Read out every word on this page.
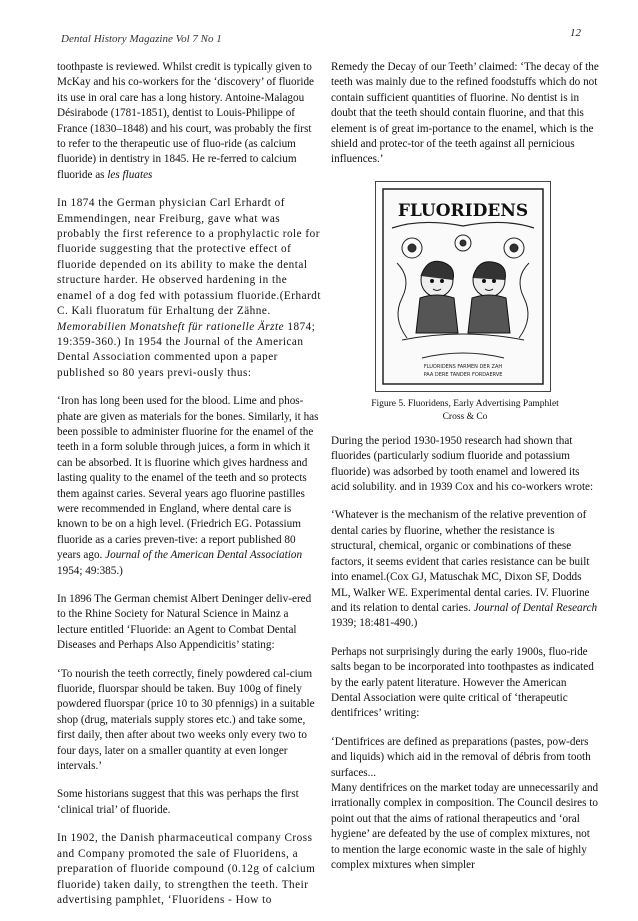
Dental History Magazine Vol 7 No 1	12

toothpaste is reviewed. Whilst credit is typically given to McKay and his co-workers for the ‘discovery’ of fluoride its use in oral care has a long history. Antoine-Malagou Désirabode (1781-1851), dentist to Louis-Philippe of France (1830–1848) and his court, was probably the first to refer to the therapeutic use of fluo-ride (as calcium fluoride) in dentistry in 1845. He re-ferred to calcium fluoride as les fluates

In 1874 the German physician Carl Erhardt of Emmendingen, near Freiburg, gave what was probably the first reference to a prophylactic role for fluoride suggesting that the protective effect of fluoride depended on its ability to make the dental structure harder. He observed hardening in the enamel of a dog fed with potassium fluoride.(Erhardt C. Kali fluoratum für Erhaltung der Zähne. Memorabilien Monatsheft für rationelle Ärzte 1874; 19:359-360.) In 1954 the Journal of the American Dental Association commented upon a paper published so 80 years previ-ously thus:

‘Iron has long been used for the blood. Lime and phos-phate are given as materials for the bones. Similarly, it has been possible to administer fluorine for the enamel of the teeth in a form soluble through juices, a form in which it can be absorbed. It is fluorine which gives hardness and lasting quality to the enamel of the teeth and so protects them against caries. Several years ago fluorine pastilles were recommended in England, where dental care is known to be on a high level. (Friedrich EG. Potassium fluoride as a caries preven-tive: a report published 80 years ago. Journal of the American Dental Association 1954; 49:385.)

In 1896 The German chemist Albert Deninger deliv-ered to the Rhine Society for Natural Science in Mainz a lecture entitled ‘Fluoride: an Agent to Combat Dental Diseases and Perhaps Also Appendicitis’ stating:

‘To nourish the teeth correctly, finely powdered cal-cium fluoride, fluorspar should be taken. Buy 100g of finely powdered fluorspar (price 10 to 30 pfennigs) in a suitable shop (drug, materials supply stores etc.) and take some, first daily, then after about two weeks only every two to four days, later on a smaller quantity at even longer intervals.’

Some historians suggest that this was perhaps the first ‘clinical trial’ of fluoride.

In 1902, the Danish pharmaceutical company Cross and Company promoted the sale of Fluoridens, a preparation of fluoride compound (0.12g of calcium fluoride) taken daily, to strengthen the teeth. Their advertising pamphlet, ‘Fluoridens - How to

Remedy the Decay of our Teeth’ claimed: ‘The decay of the teeth was mainly due to the refined foodstuffs which do not contain sufficient quantities of fluorine. No dentist is in doubt that the teeth should contain fluorine, and that this element is of great im-portance to the enamel, which is the shield and protec-tor of the teeth against all pernicious influences.’

FLUORIDENS
FLUORIDENS FARMEN DER ZAH
PAA DERE TANDER FORDAERVE
Figure 5. Fluoridens, Early Advertising Pamphlet
Cross & Co

During the period 1930-1950 research had shown that fluorides (particularly sodium fluoride and potassium fluoride) was adsorbed by tooth enamel and lowered its acid solubility. and in 1939 Cox and his co-workers wrote:

‘Whatever is the mechanism of the relative prevention of dental caries by fluorine, whether the resistance is structural, chemical, organic or combinations of these factors, it seems evident that caries resistance can be built into enamel.(Cox GJ, Matuschak MC, Dixon SF, Dodds ML, Walker WE. Experimental dental caries. IV. Fluorine and its relation to dental caries. Journal of Dental Research 1939; 18:481-490.)

Perhaps not surprisingly during the early 1900s, fluo-ride salts began to be incorporated into toothpastes as indicated by the early patent literature. However the American Dental Association were quite critical of ‘therapeutic dentifrices’ writing:

‘Dentifrices are defined as preparations (pastes, pow-ders and liquids) which aid in the removal of débris from tooth surfaces...

Many dentifrices on the market today are unnecessarily and irrationally complex in composition. The Council desires to point out that the aims of rational therapeutics and ‘oral hygiene’ are defeated by the use of complex mixtures, not to mention the large economic waste in the sale of highly complex mixtures when simpler
